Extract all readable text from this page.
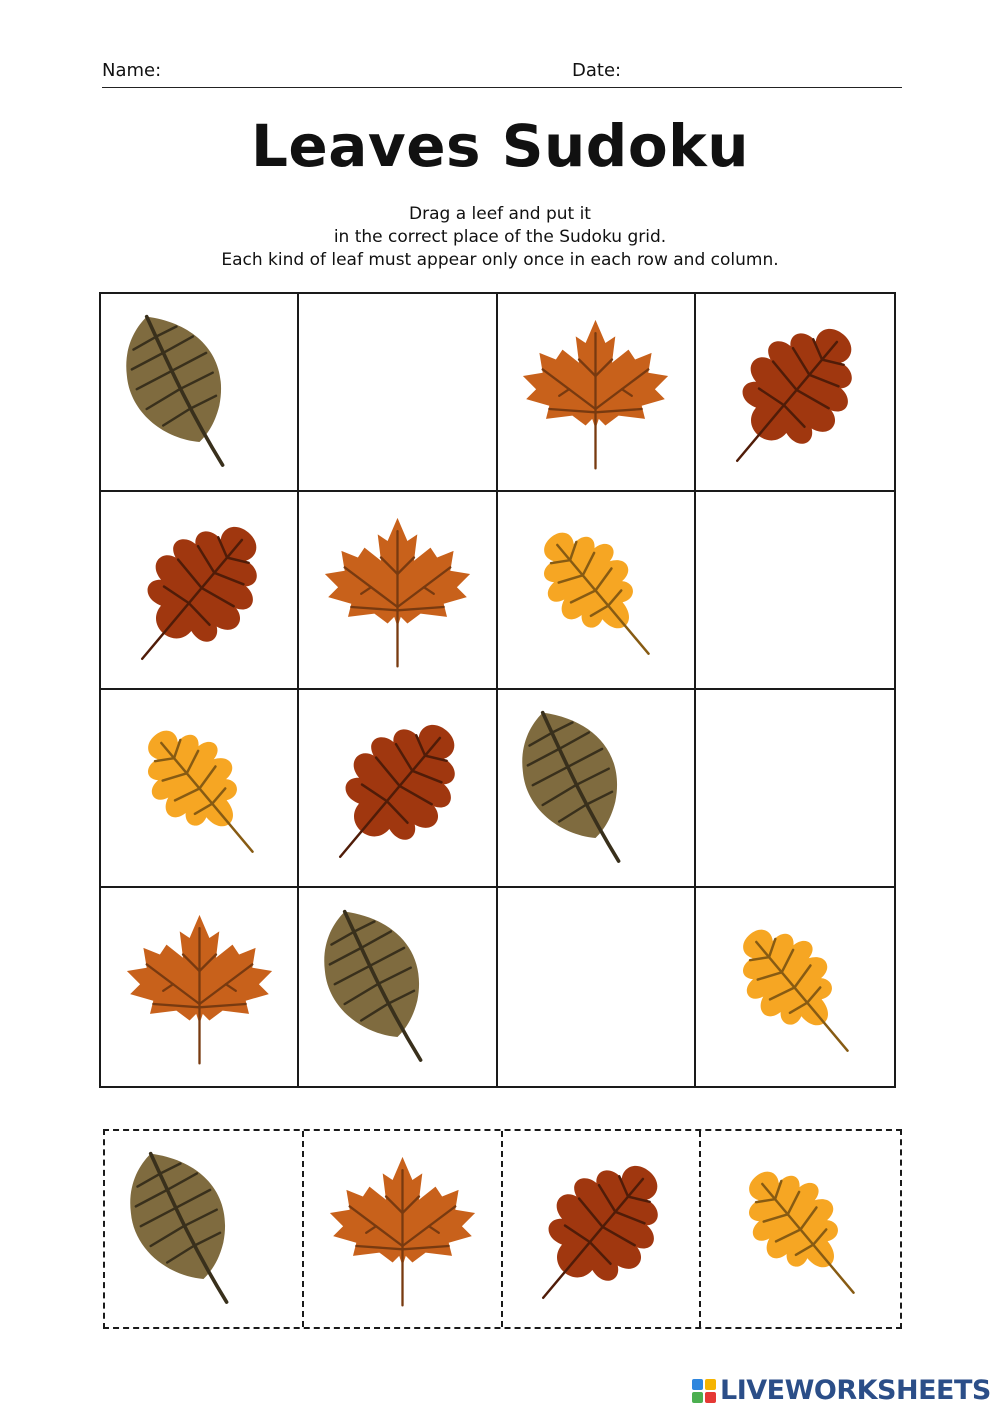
Name:	Date:
Leaves Sudoku
Drag a leef and put it
in the correct place of the Sudoku grid.
Each kind of leaf must appear only once in each row and column.
LIVEWORKSHEETS
